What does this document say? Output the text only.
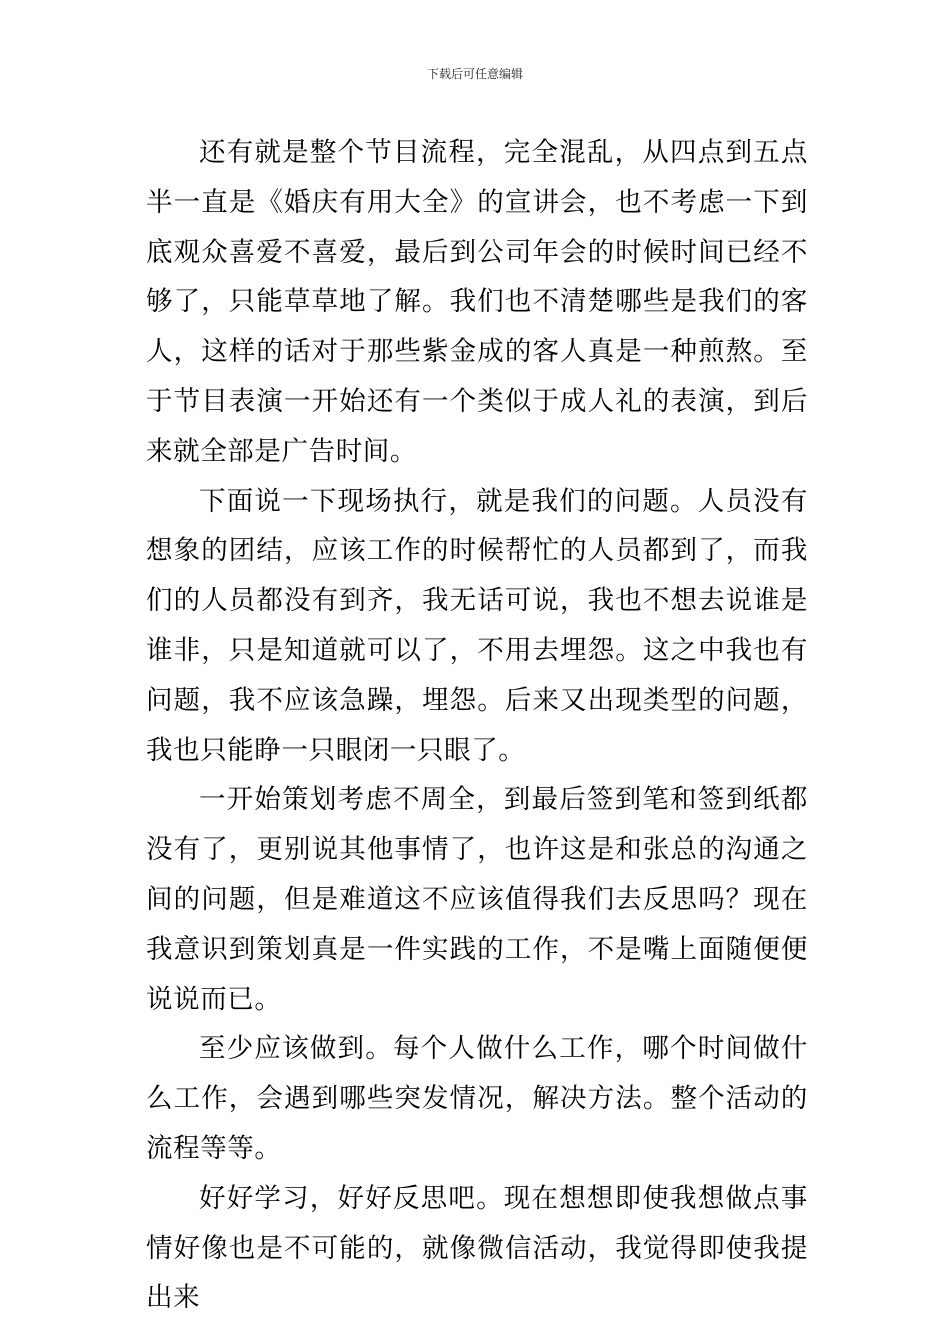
下载后可任意编辑

还有就是整个节目流程，完全混乱，从四点到五点半一直是《婚庆有用大全》的宣讲会，也不考虑一下到底观众喜爱不喜爱，最后到公司年会的时候时间已经不够了，只能草草地了解。我们也不清楚哪些是我们的客人，这样的话对于那些紫金成的客人真是一种煎熬。至于节目表演一开始还有一个类似于成人礼的表演，到后来就全部是广告时间。

下面说一下现场执行，就是我们的问题。人员没有想象的团结，应该工作的时候帮忙的人员都到了，而我们的人员都没有到齐，我无话可说，我也不想去说谁是谁非，只是知道就可以了，不用去埋怨。这之中我也有问题，我不应该急躁，埋怨。后来又出现类型的问题，我也只能睁一只眼闭一只眼了。

一开始策划考虑不周全，到最后签到笔和签到纸都没有了，更别说其他事情了，也许这是和张总的沟通之间的问题，但是难道这不应该值得我们去反思吗？现在我意识到策划真是一件实践的工作，不是嘴上面随便便说说而已。

至少应该做到。每个人做什么工作，哪个时间做什么工作，会遇到哪些突发情况，解决方法。整个活动的流程等等。

好好学习，好好反思吧。现在想想即使我想做点事情好像也是不可能的，就像微信活动，我觉得即使我提出来
